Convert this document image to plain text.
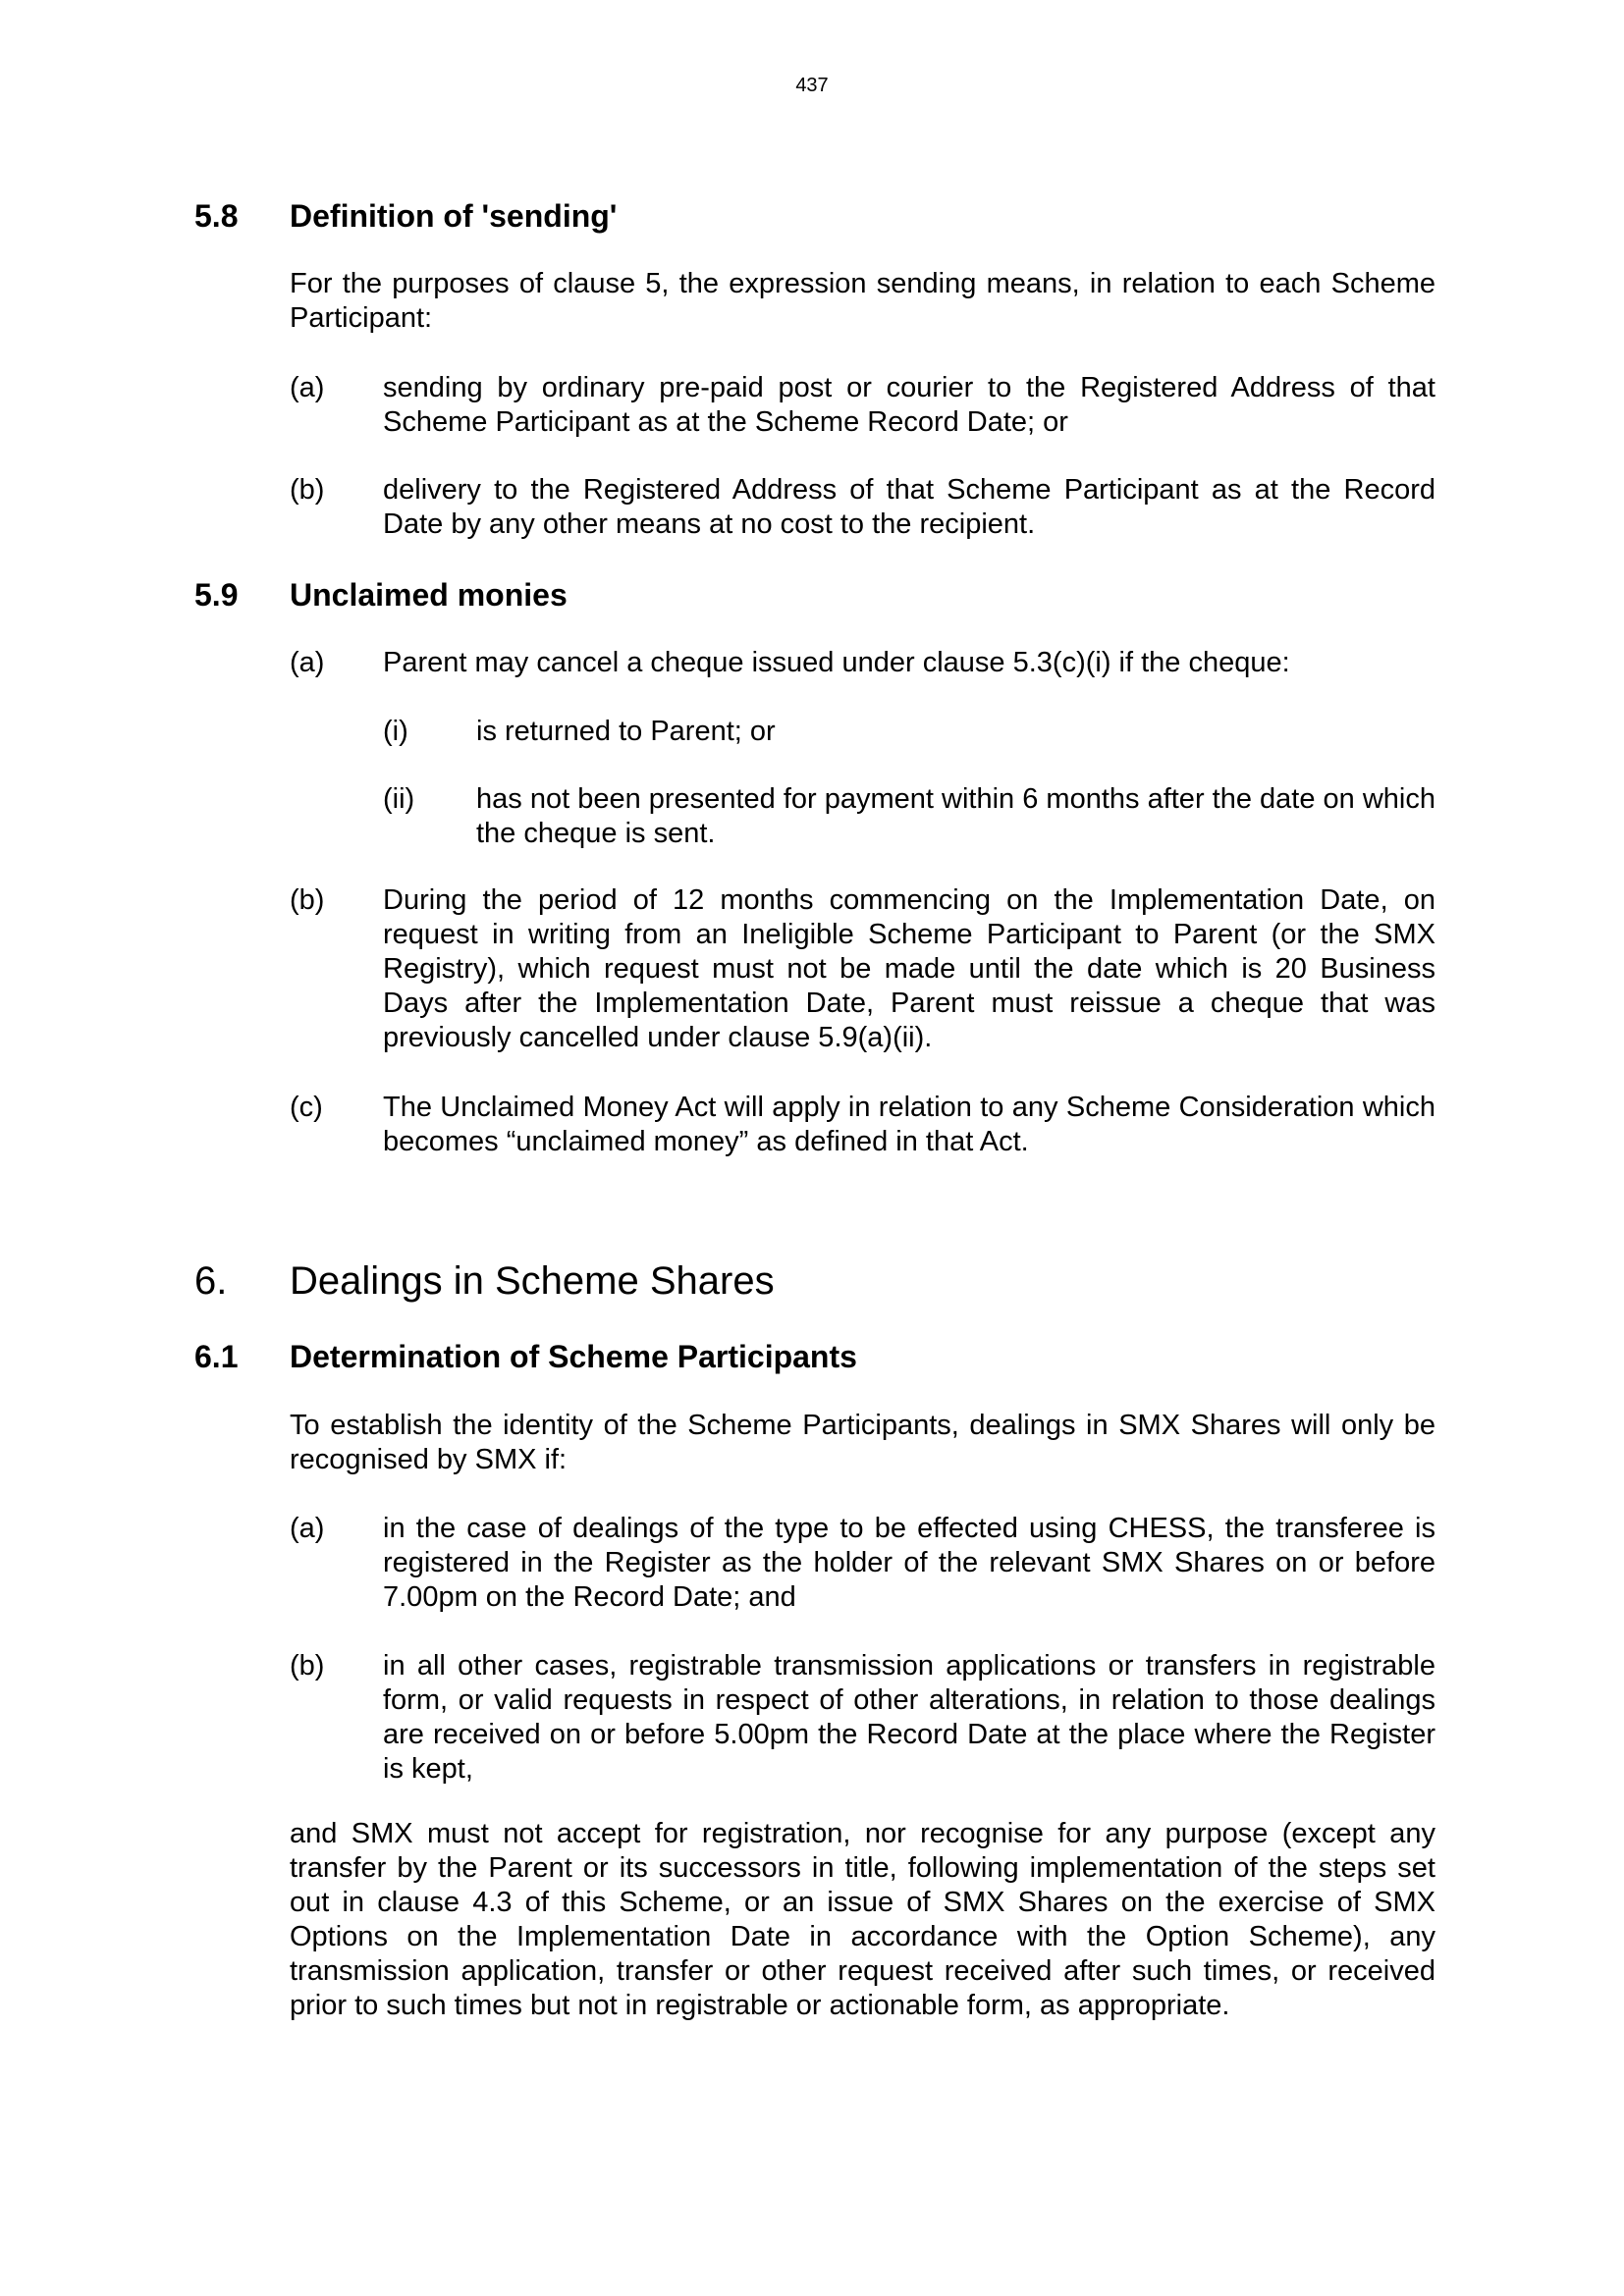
437
5.8 Definition of 'sending'

For the purposes of clause 5, the expression sending means, in relation to each Scheme Participant:

(a) sending by ordinary pre-paid post or courier to the Registered Address of that Scheme Participant as at the Scheme Record Date; or
(b) delivery to the Registered Address of that Scheme Participant as at the Record Date by any other means at no cost to the recipient.
5.9 Unclaimed monies
(a) Parent may cancel a cheque issued under clause 5.3(c)(i) if the cheque:
(i) is returned to Parent; or
(ii) has not been presented for payment within 6 months after the date on which the cheque is sent.
(b) During the period of 12 months commencing on the Implementation Date, on request in writing from an Ineligible Scheme Participant to Parent (or the SMX Registry), which request must not be made until the date which is 20 Business Days after the Implementation Date, Parent must reissue a cheque that was previously cancelled under clause 5.9(a)(ii).
(c) The Unclaimed Money Act will apply in relation to any Scheme Consideration which becomes “unclaimed money” as defined in that Act.
6. Dealings in Scheme Shares
6.1 Determination of Scheme Participants

To establish the identity of the Scheme Participants, dealings in SMX Shares will only be recognised by SMX if:

(a) in the case of dealings of the type to be effected using CHESS, the transferee is registered in the Register as the holder of the relevant SMX Shares on or before 7.00pm on the Record Date; and
(b) in all other cases, registrable transmission applications or transfers in registrable form, or valid requests in respect of other alterations, in relation to those dealings are received on or before 5.00pm the Record Date at the place where the Register is kept,

and SMX must not accept for registration, nor recognise for any purpose (except any transfer by the Parent or its successors in title, following implementation of the steps set out in clause 4.3 of this Scheme, or an issue of SMX Shares on the exercise of SMX Options on the Implementation Date in accordance with the Option Scheme), any transmission application, transfer or other request received after such times, or received prior to such times but not in registrable or actionable form, as appropriate.
